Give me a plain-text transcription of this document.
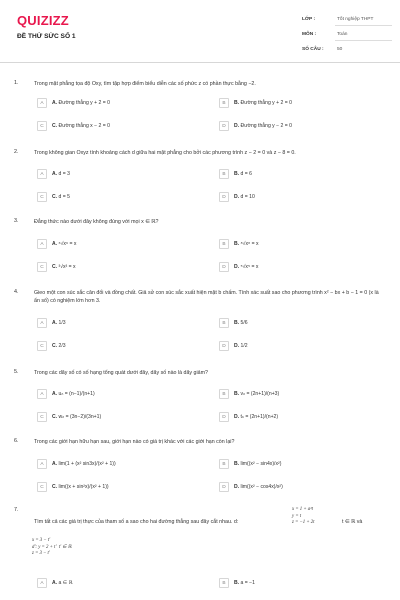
QUIZIZZ
ĐỀ THỨ SỨC SỐ 1
LỚP :	Tốt nghiệp THPT
MÔN :	Toán
SỐ CÂU :	50
1.	Trong mặt phẳng tọa độ Oxy, tìm tập hợp điểm biểu diễn các số phức z có phần thực bằng −2.
A	A. Đường thẳng y + 2 = 0	B	B. Đường thẳng y + 2 = 0
C	C. Đường thẳng x − 2 = 0	D	D. Đường thẳng y − 2 = 0
2.	Trong không gian Oxyz tính khoảng cách d giữa hai mặt phẳng cho bởi các phương trình z − 2 = 0 và z − 8 = 0.
A	A. d = 3	B	B. d = 6
C	C. d = 5	D	D. d = 10
3.	Đẳng thức nào dưới đây không đúng với mọi x ∈ ℝ?
A	A. ⁶√x⁶ = x	B	B. ⁸√x⁸ = x
C	C. ³√x³ = x	D	D. ⁵√x⁵ = x
4.	Gieo một con súc sắc cân đối và đồng chất. Giả sử con súc sắc xuất hiện mặt b chấm. Tính xác suất sao cho phương trình x² − bx + b − 1 = 0 (x là ẩn số) có nghiệm lớn hơn 3.
A	A. 1/3	B	B. 5/6
C	C. 2/3	D	D. 1/2
5.	Trong các dãy số có số hạng tổng quát dưới đây, dãy số nào là dãy giảm?
A	A. uₙ = (n−1)/(n+1)	B	B. vₙ = (2n+1)/(n+3)
C	C. wₙ = (3n−2)/(3n+1)	D	D. tₙ = (2n+1)/(n+2)
6.	Trong các giới hạn hữu hạn sau, giới hạn nào có giá trị khác với các giới hạn còn lại?
A	A. lim(1 + (x² sin3x)/(x² + 1))	B	B. lim((x² − sin4x)/x²)
C	C. lim((x + sin²x)/(x² + 1))	D	D. lim((x² − cos4x)/x²)
7.	x = 1 + a²t
y = t
z = −1 + 2t
Tìm tất cả các giá trị thực của tham số a sao cho hai đường thẳng sau đây cắt nhau. d:	t ∈ ℝ và
x = 3 − t'
d': y = 2 + t'  t' ∈ ℝ
z = 3 − t'
A	A. a ∈ ℝ	B	B. a = −1
